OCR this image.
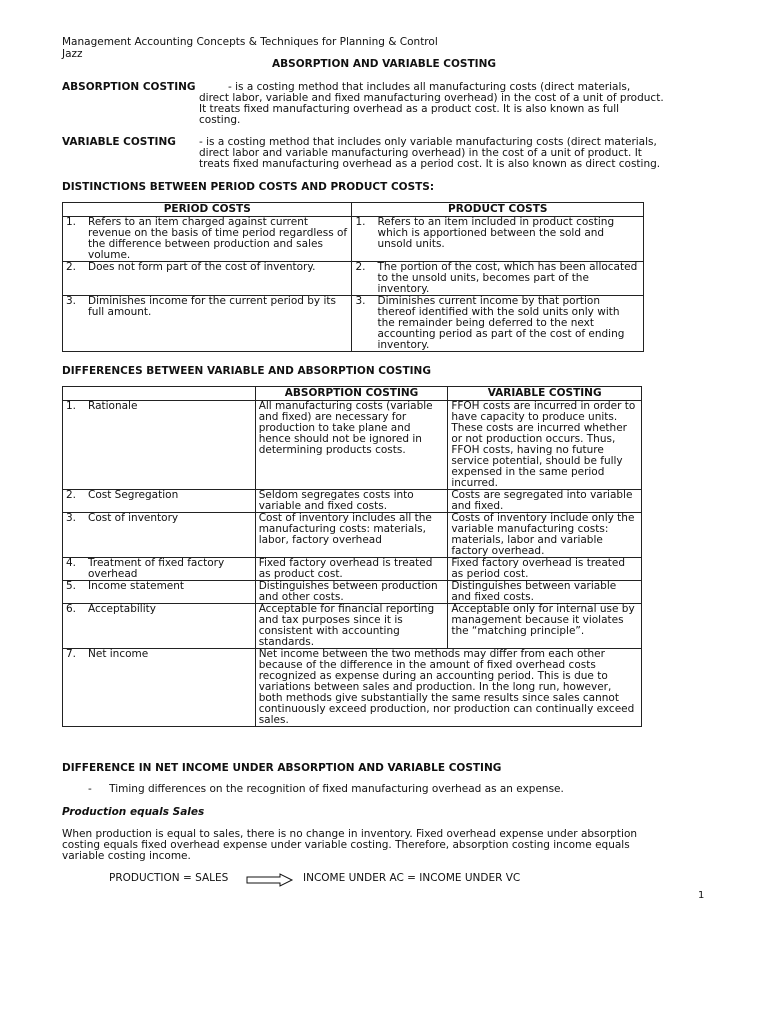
Management Accounting Concepts & Techniques for Planning & Control
Jazz
ABSORPTION AND VARIABLE COSTING
ABSORPTION COSTING	- is a costing method that includes all manufacturing costs (direct materials,
direct labor, variable and fixed manufacturing overhead) in the cost of a unit of product.
It treats fixed manufacturing overhead as a product cost. It is also known as full
costing.
VARIABLE COSTING	- is a costing method that includes only variable manufacturing costs (direct materials,
direct labor and variable manufacturing overhead) in the cost of a unit of product. It
treats fixed manufacturing overhead as a period cost. It is also known as direct costing.
DISTINCTIONS BETWEEN PERIOD COSTS AND PRODUCT COSTS:
PERIOD COSTS	PRODUCT COSTS

1. Refers to an item charged against current revenue on the basis of time period regardless of the difference between production and sales volume.	1. Refers to an item included in product costing which is apportioned between the sold and unsold units.

2. Does not form part of the cost of inventory.	2. The portion of the cost, which has been allocated to the unsold units, becomes part of the inventory.

3. Diminishes income for the current period by its full amount.	3. Diminishes current income by that portion thereof identified with the sold units only with the remainder being deferred to the next accounting period as part of the cost of ending inventory.
DIFFERENCES BETWEEN VARIABLE AND ABSORPTION COSTING
	ABSORPTION COSTING	VARIABLE COSTING

1. Rationale	All manufacturing costs (variable and fixed) are necessary for production to take plane and hence should not be ignored in determining products costs.	FFOH costs are incurred in order to have capacity to produce units. These costs are incurred whether or not production occurs. Thus, FFOH costs, having no future service potential, should be fully expensed in the same period incurred.

2. Cost Segregation	Seldom segregates costs into variable and fixed costs.	Costs are segregated into variable and fixed.

3. Cost of inventory	Cost of inventory includes all the manufacturing costs: materials, labor, factory overhead	Costs of inventory include only the variable manufacturing costs: materials, labor and variable factory overhead.

4. Treatment of fixed factory overhead	Fixed factory overhead is treated as product cost.	Fixed factory overhead is treated as period cost.

5. Income statement	Distinguishes between production and other costs.	Distinguishes between variable and fixed costs.

6. Acceptability	Acceptable for financial reporting and tax purposes since it is consistent with accounting standards.	Acceptable only for internal use by management because it violates the “matching principle”.

7. Net income	Net income between the two methods may differ from each other because of the difference in the amount of fixed overhead costs recognized as expense during an accounting period. This is due to variations between sales and production. In the long run, however, both methods give substantially the same results since sales cannot continuously exceed production, nor production can continually exceed sales.	
DIFFERENCE IN NET INCOME UNDER ABSORPTION AND VARIABLE COSTING
- Timing differences on the recognition of fixed manufacturing overhead as an expense.
Production equals Sales
When production is equal to sales, there is no change in inventory. Fixed overhead expense under absorption
costing equals fixed overhead expense under variable costing. Therefore, absorption costing income equals
variable costing income.
PRODUCTION = SALES	INCOME UNDER AC = INCOME UNDER VC
1
